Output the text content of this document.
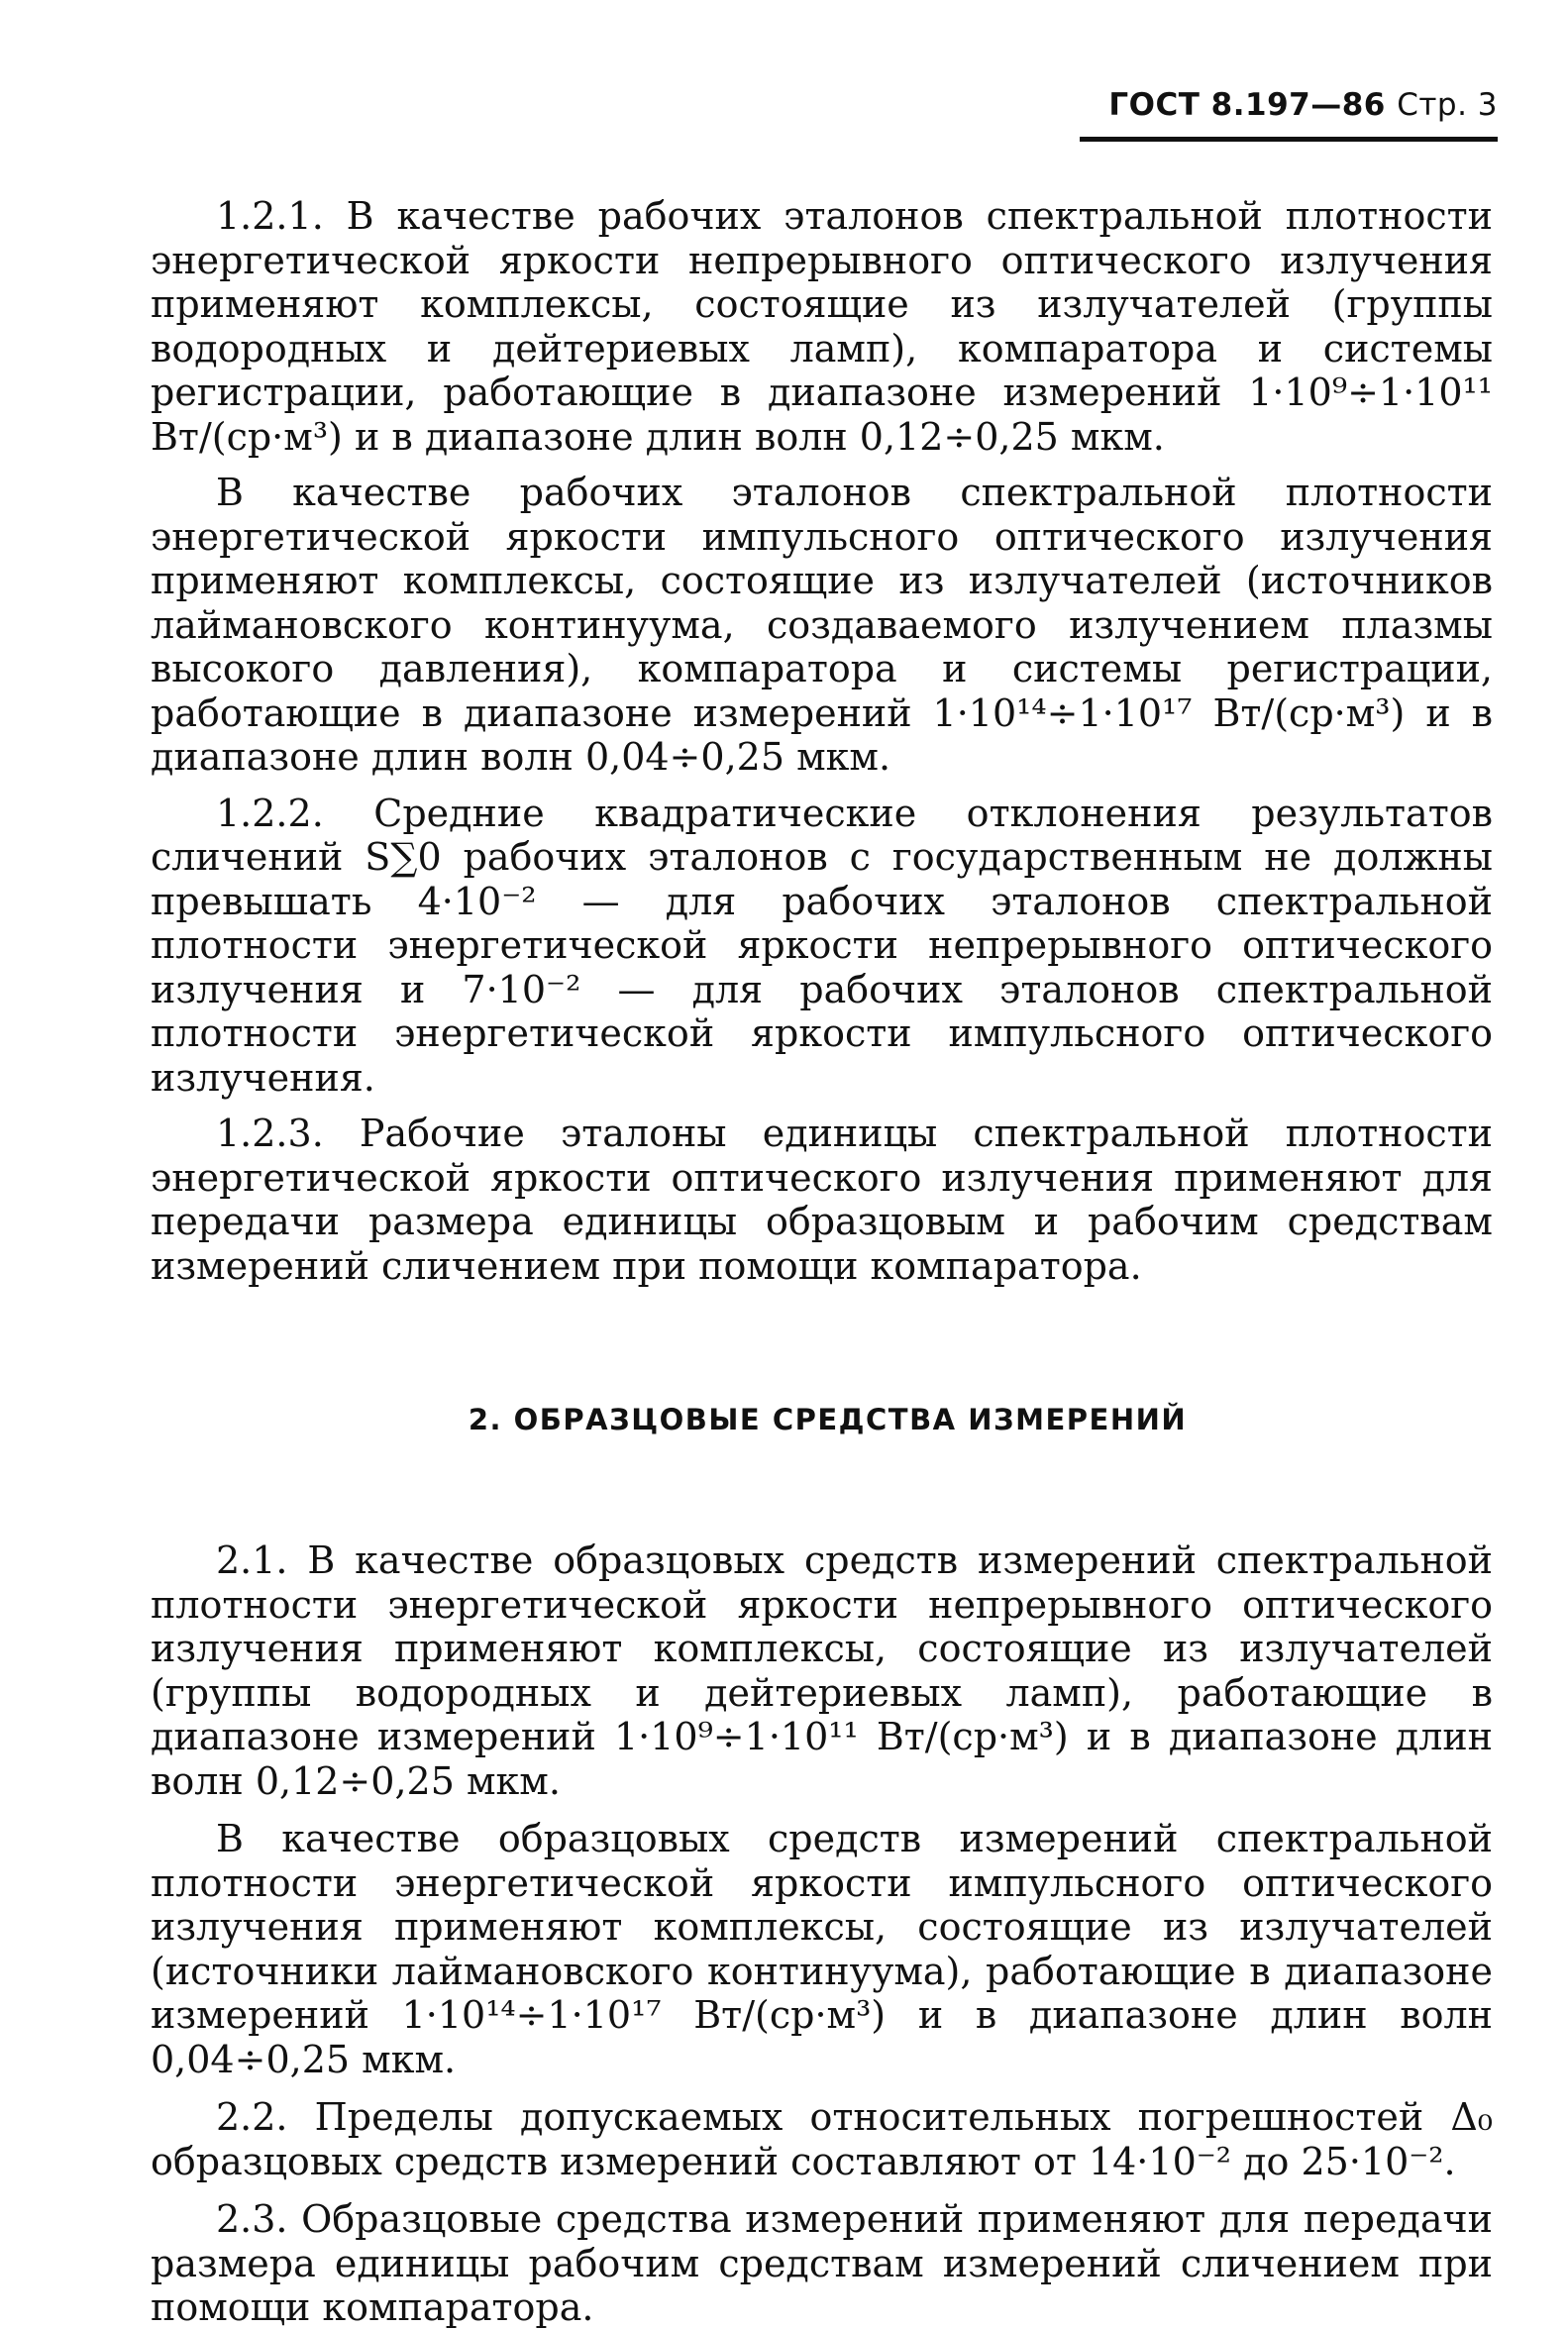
ГОСТ 8.197—86 Стр. 3

1.2.1. В качестве рабочих эталонов спектральной плотности энергетической яркости непрерывного оптического излучения применяют комплексы, состоящие из излучателей (группы водородных и дейтериевых ламп), компаратора и системы регистрации, работающие в диапазоне измерений 1·10⁹÷1·10¹¹ Вт/(ср·м³) и в диапазоне длин волн 0,12÷0,25 мкм.

В качестве рабочих эталонов спектральной плотности энергетической яркости импульсного оптического излучения применяют комплексы, состоящие из излучателей (источников лаймановского континуума, создаваемого излучением плазмы высокого давления), компаратора и системы регистрации, работающие в диапазоне измерений 1·10¹⁴÷1·10¹⁷ Вт/(ср·м³) и в диапазоне длин волн 0,04÷0,25 мкм.

1.2.2. Средние квадратические отклонения результатов сличений S∑0 рабочих эталонов с государственным не должны превышать 4·10⁻² — для рабочих эталонов спектральной плотности энергетической яркости непрерывного оптического излучения и 7·10⁻² — для рабочих эталонов спектральной плотности энергетической яркости импульсного оптического излучения.

1.2.3. Рабочие эталоны единицы спектральной плотности энергетической яркости оптического излучения применяют для передачи размера единицы образцовым и рабочим средствам измерений сличением при помощи компаратора.

2. ОБРАЗЦОВЫЕ СРЕДСТВА ИЗМЕРЕНИЙ

2.1. В качестве образцовых средств измерений спектральной плотности энергетической яркости непрерывного оптического излучения применяют комплексы, состоящие из излучателей (группы водородных и дейтериевых ламп), работающие в диапазоне измерений 1·10⁹÷1·10¹¹ Вт/(ср·м³) и в диапазоне длин волн 0,12÷0,25 мкм.

В качестве образцовых средств измерений спектральной плотности энергетической яркости импульсного оптического излучения применяют комплексы, состоящие из излучателей (источники лаймановского континуума), работающие в диапазоне измерений 1·10¹⁴÷1·10¹⁷ Вт/(ср·м³) и в диапазоне длин волн 0,04÷0,25 мкм.

2.2. Пределы допускаемых относительных погрешностей Δ₀ образцовых средств измерений составляют от 14·10⁻² до 25·10⁻².

2.3. Образцовые средства измерений применяют для передачи размера единицы рабочим средствам измерений сличением при помощи компаратора.
